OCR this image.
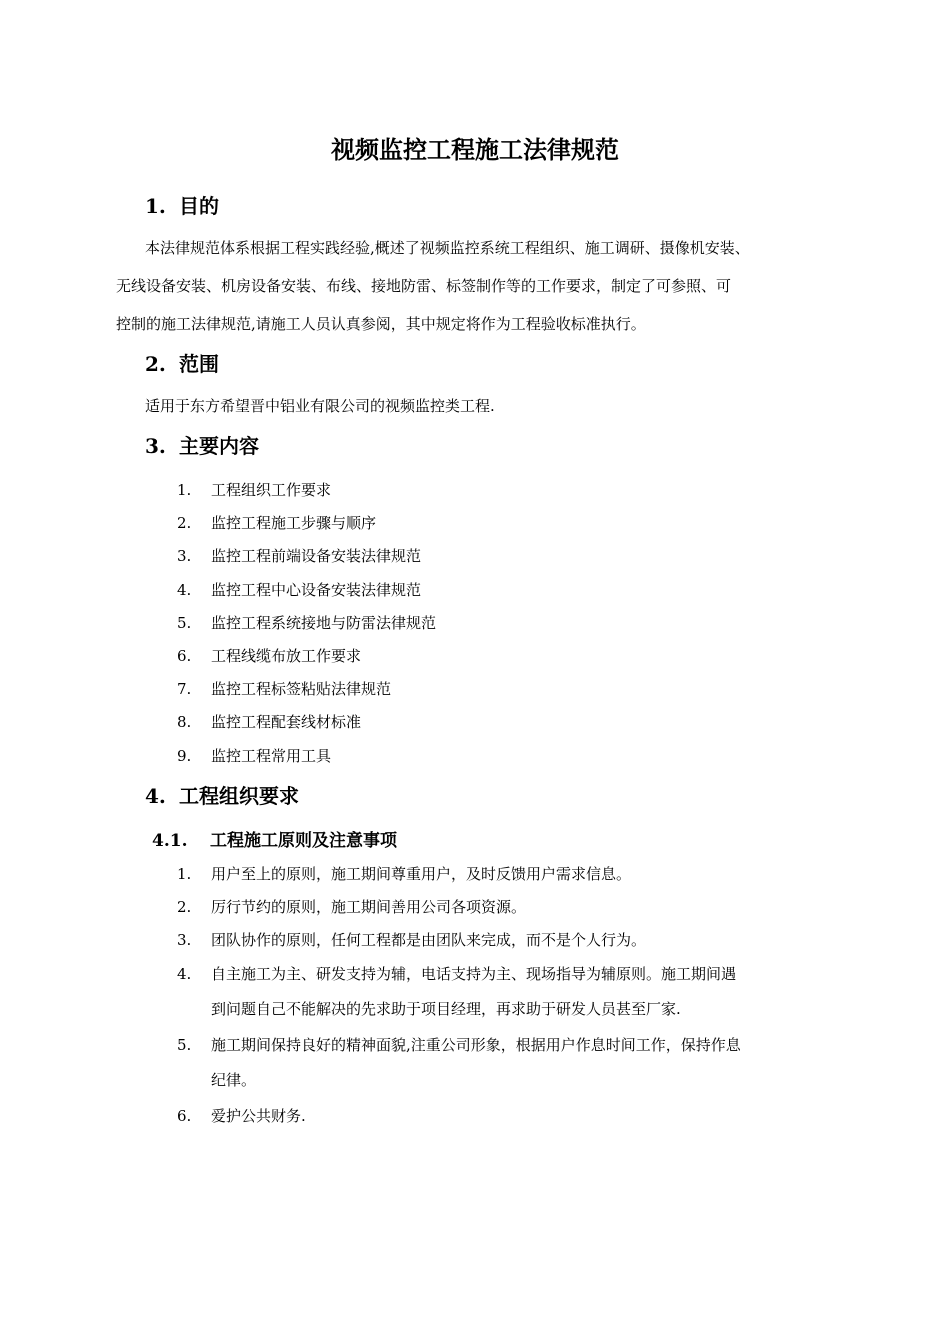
视频监控工程施工法律规范
1. 目的
本法律规范体系根据工程实践经验,概述了视频监控系统工程组织、施工调研、摄像机安装、
无线设备安装、机房设备安装、布线、接地防雷、标签制作等的工作要求，制定了可参照、可
控制的施工法律规范,请施工人员认真参阅，其中规定将作为工程验收标准执行。
2. 范围
适用于东方希望晋中铝业有限公司的视频监控类工程.
3. 主要内容
1.	工程组织工作要求
2.	监控工程施工步骤与顺序
3.	监控工程前端设备安装法律规范
4.	监控工程中心设备安装法律规范
5.	监控工程系统接地与防雷法律规范
6.	工程线缆布放工作要求
7.	监控工程标签粘贴法律规范
8.	监控工程配套线材标准
9.	监控工程常用工具
4. 工程组织要求
4.1. 工程施工原则及注意事项
1.	用户至上的原则，施工期间尊重用户，及时反馈用户需求信息。
2.	厉行节约的原则，施工期间善用公司各项资源。
3.	团队协作的原则，任何工程都是由团队来完成，而不是个人行为。
4.	自主施工为主、研发支持为辅，电话支持为主、现场指导为辅原则。施工期间遇
到问题自己不能解决的先求助于项目经理，再求助于研发人员甚至厂家.
5.	施工期间保持良好的精神面貌,注重公司形象，根据用户作息时间工作，保持作息
纪律。
6.	爱护公共财务.
